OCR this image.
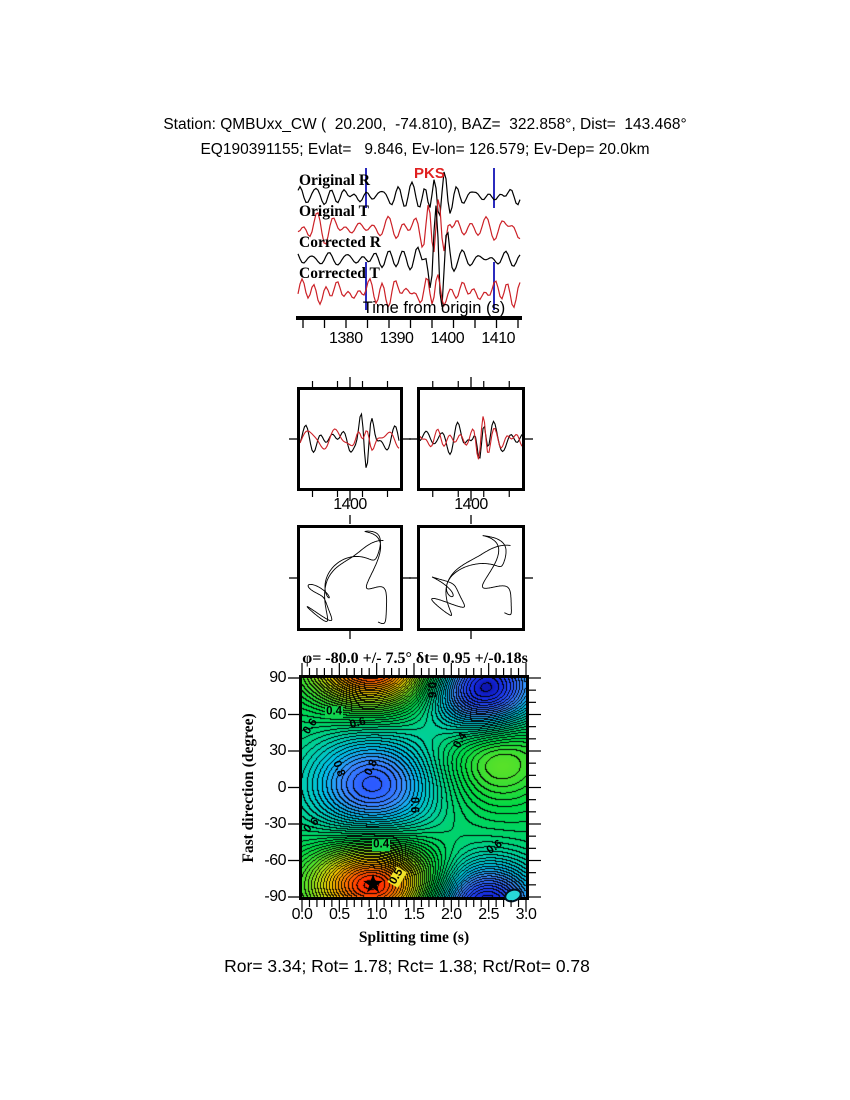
Station: QMBUxx_CW (  20.200,  -74.810), BAZ=  322.858°, Dist=  143.468°
EQ190391155; Evlat=   9.846, Ev-lon= 126.579; Ev-Dep= 20.0km
Original R
Original T
Corrected R
Corrected T
PKS
Time from origin (s)
1380 1390 1400 1410
1400	1400
φ= -80.0 +/- 7.5° δt= 0.95 +/-0.18s
Fast direction (degree)
Splitting time (s)
0.4
0.6
0.6 0.6
0.4
0.8 0.8
0.6
0.6
0.4	0.6
0.5
0.0 0.5 1.0 1.5 2.0 2.5 3.0
90
60
30
0
-30
-60
-90	★
Ror= 3.34; Rot= 1.78; Rct= 1.38; Rct/Rot= 0.78
